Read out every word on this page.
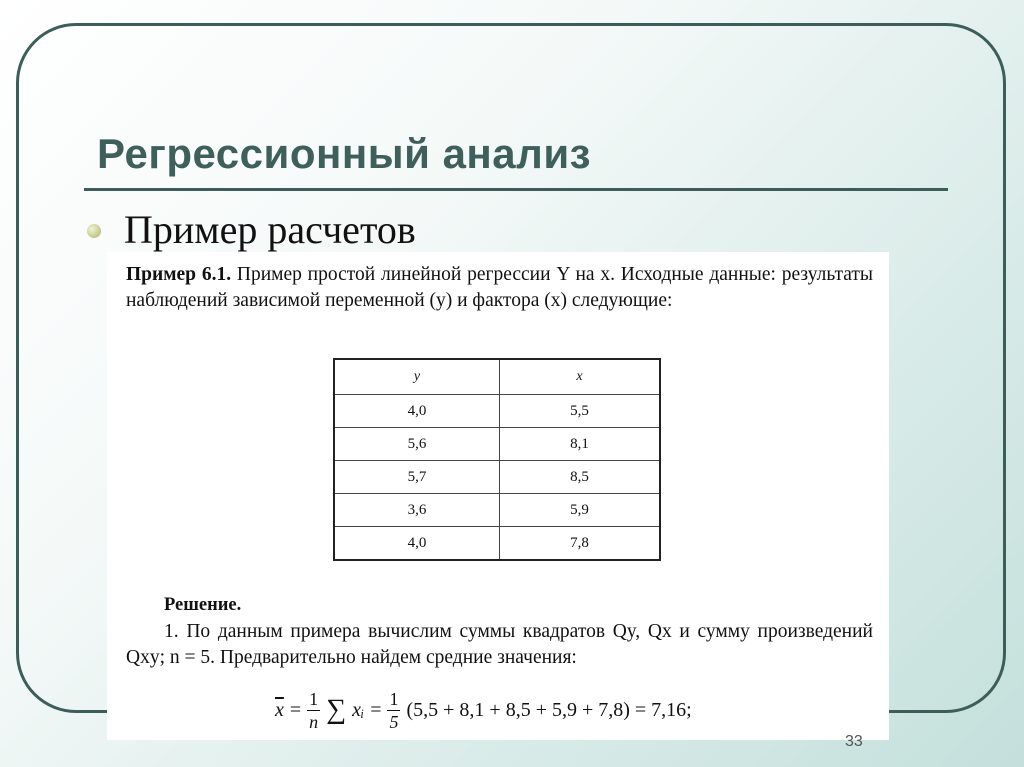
Регрессионный анализ
Пример расчетов
Пример 6.1. Пример простой линейной регрессии Y на x. Исходные данные: результаты наблюдений зависимой переменной (y) и фактора (x) следующие:
y	x
4,0	5,5
5,6	8,1
5,7	8,5
3,6	5,9
4,0	7,8
Решение.
1. По данным примера вычислим суммы квадратов Qy, Qx и сумму произведений Qxy; n = 5. Предварительно найдем средние значения:
$\overline{x} = \frac{1}{n}$ ∑ xᵢ = $\frac{1}{5} (5,5 + 8,1 + 8,5 + 5,9 + 7,8) = 7,16$;
33
